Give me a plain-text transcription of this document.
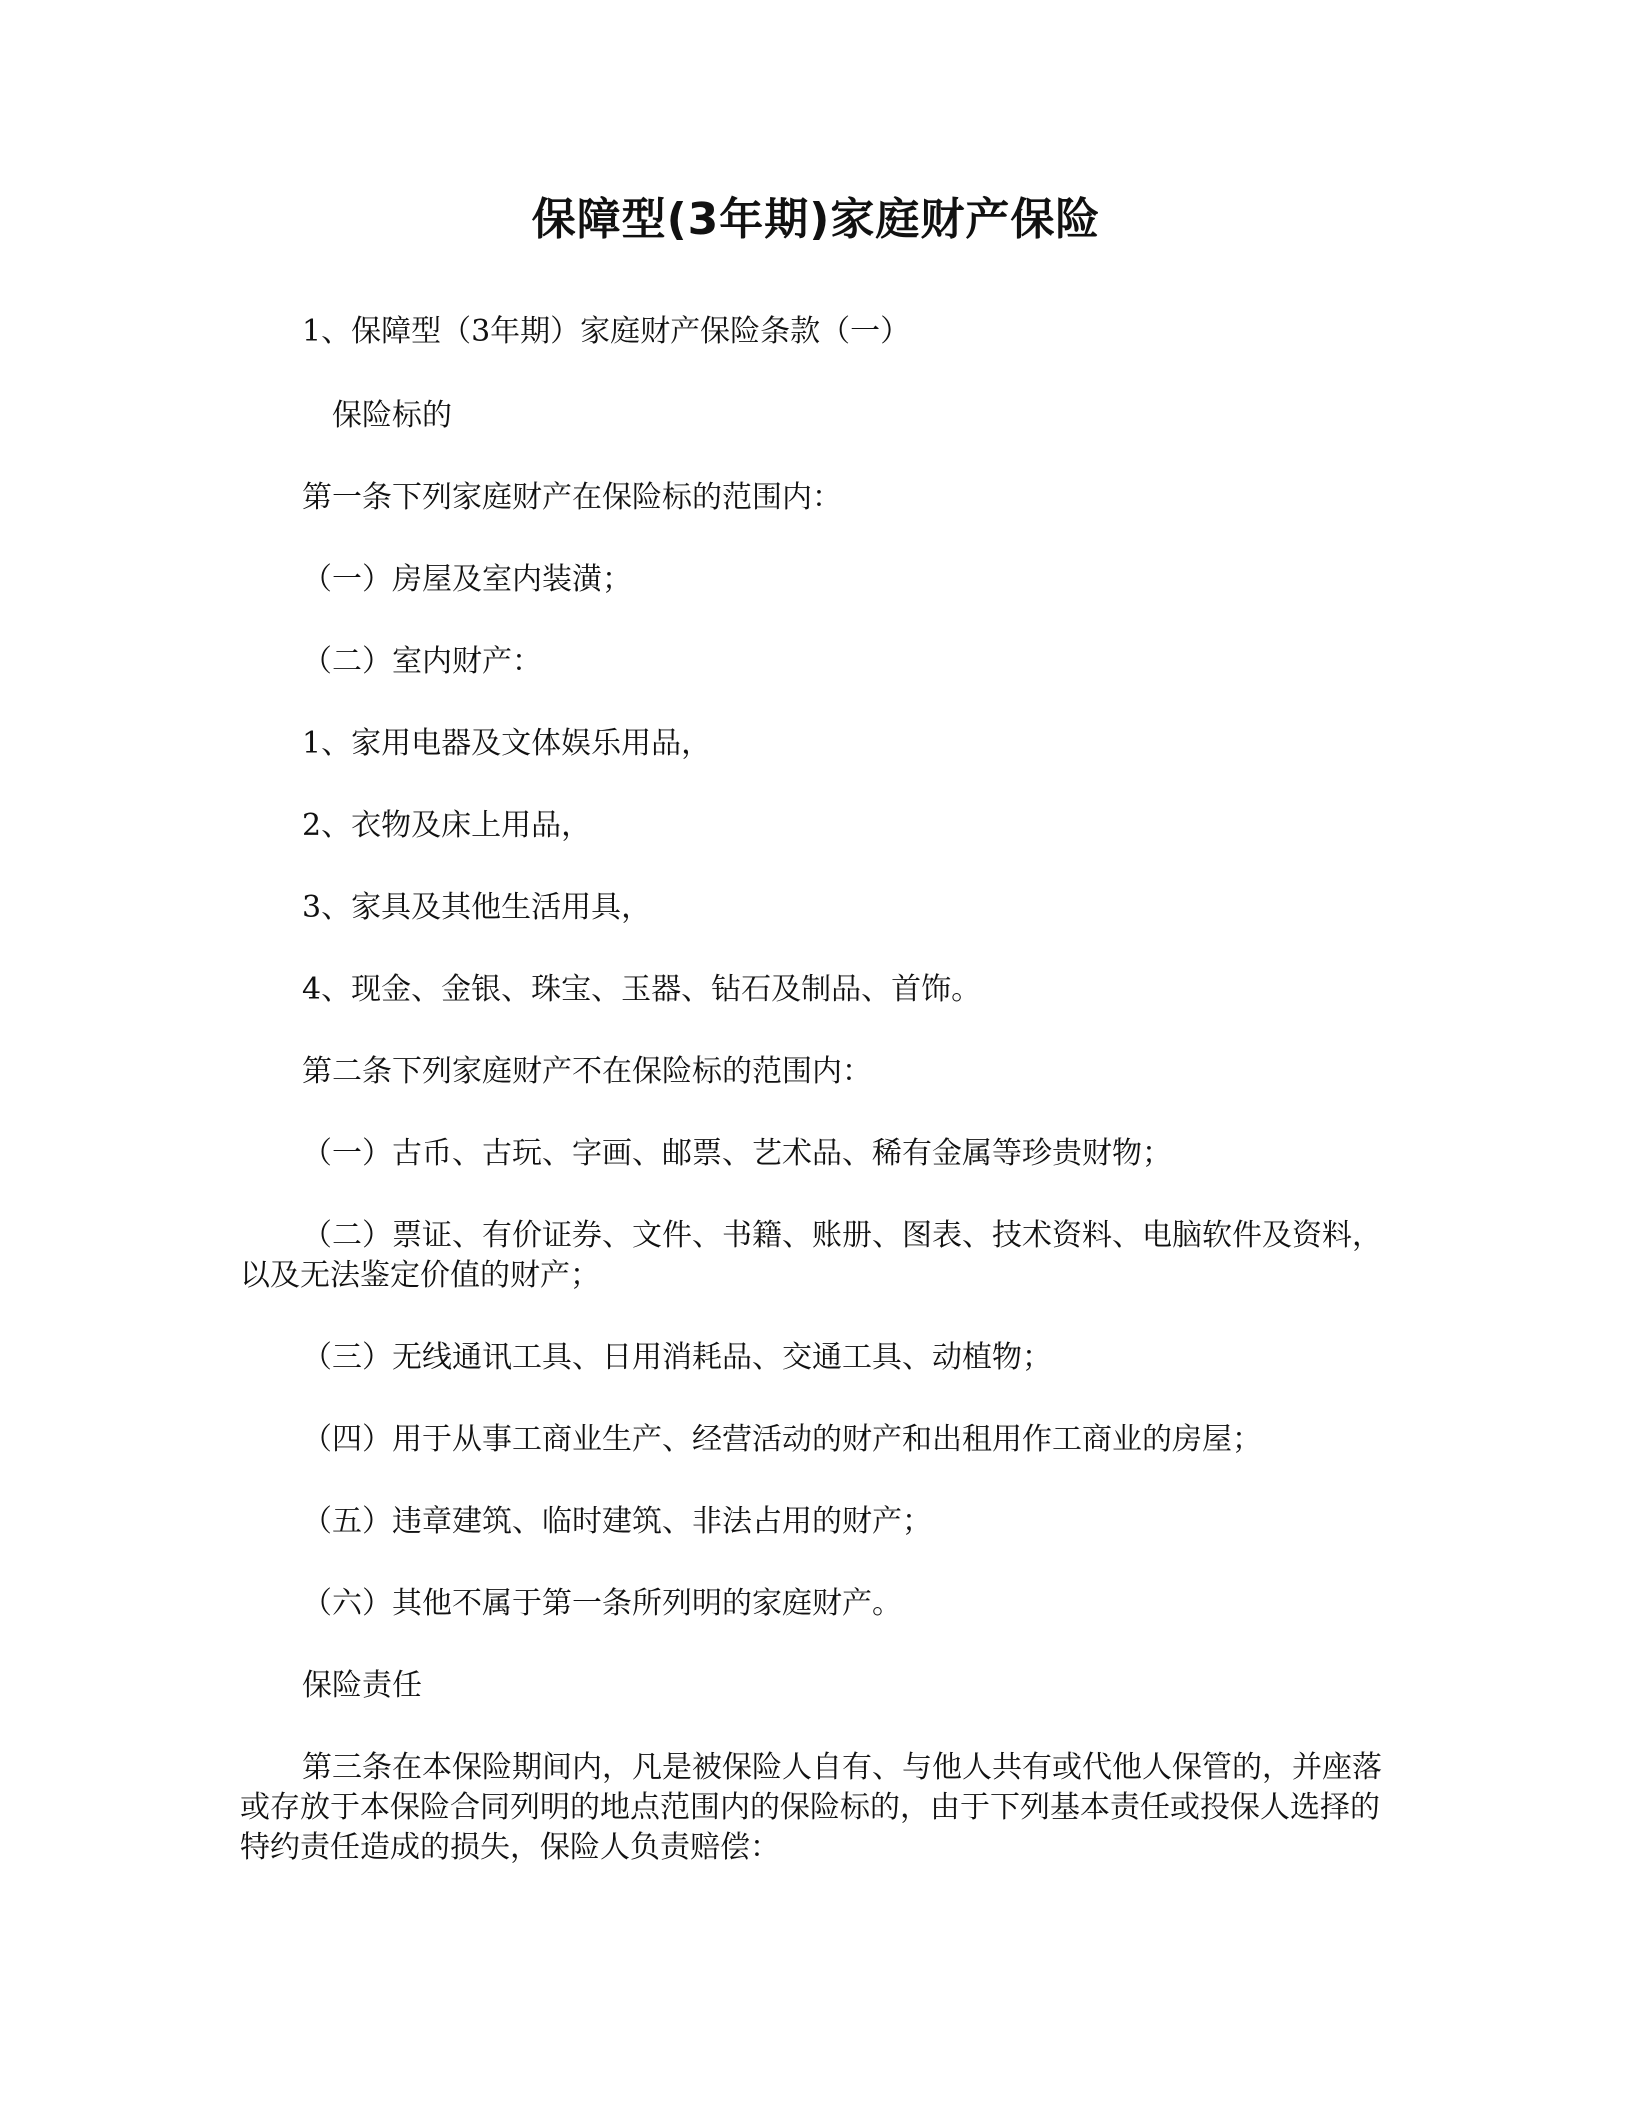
保障型(3年期)家庭财产保险

1、保障型（3年期）家庭财产保险条款（一）

保险标的

第一条下列家庭财产在保险标的范围内：

（一）房屋及室内装潢；

（二）室内财产：

1、家用电器及文体娱乐用品，

2、衣物及床上用品，

3、家具及其他生活用具，

4、现金、金银、珠宝、玉器、钻石及制品、首饰。

第二条下列家庭财产不在保险标的范围内：

（一）古币、古玩、字画、邮票、艺术品、稀有金属等珍贵财物；

（二）票证、有价证券、文件、书籍、账册、图表、技术资料、电脑软件及资料，以及无法鉴定价值的财产；

（三）无线通讯工具、日用消耗品、交通工具、动植物；

（四）用于从事工商业生产、经营活动的财产和出租用作工商业的房屋；

（五）违章建筑、临时建筑、非法占用的财产；

（六）其他不属于第一条所列明的家庭财产。

保险责任

第三条在本保险期间内，凡是被保险人自有、与他人共有或代他人保管的，并座落或存放于本保险合同列明的地点范围内的保险标的，由于下列基本责任或投保人选择的特约责任造成的损失，保险人负责赔偿：
